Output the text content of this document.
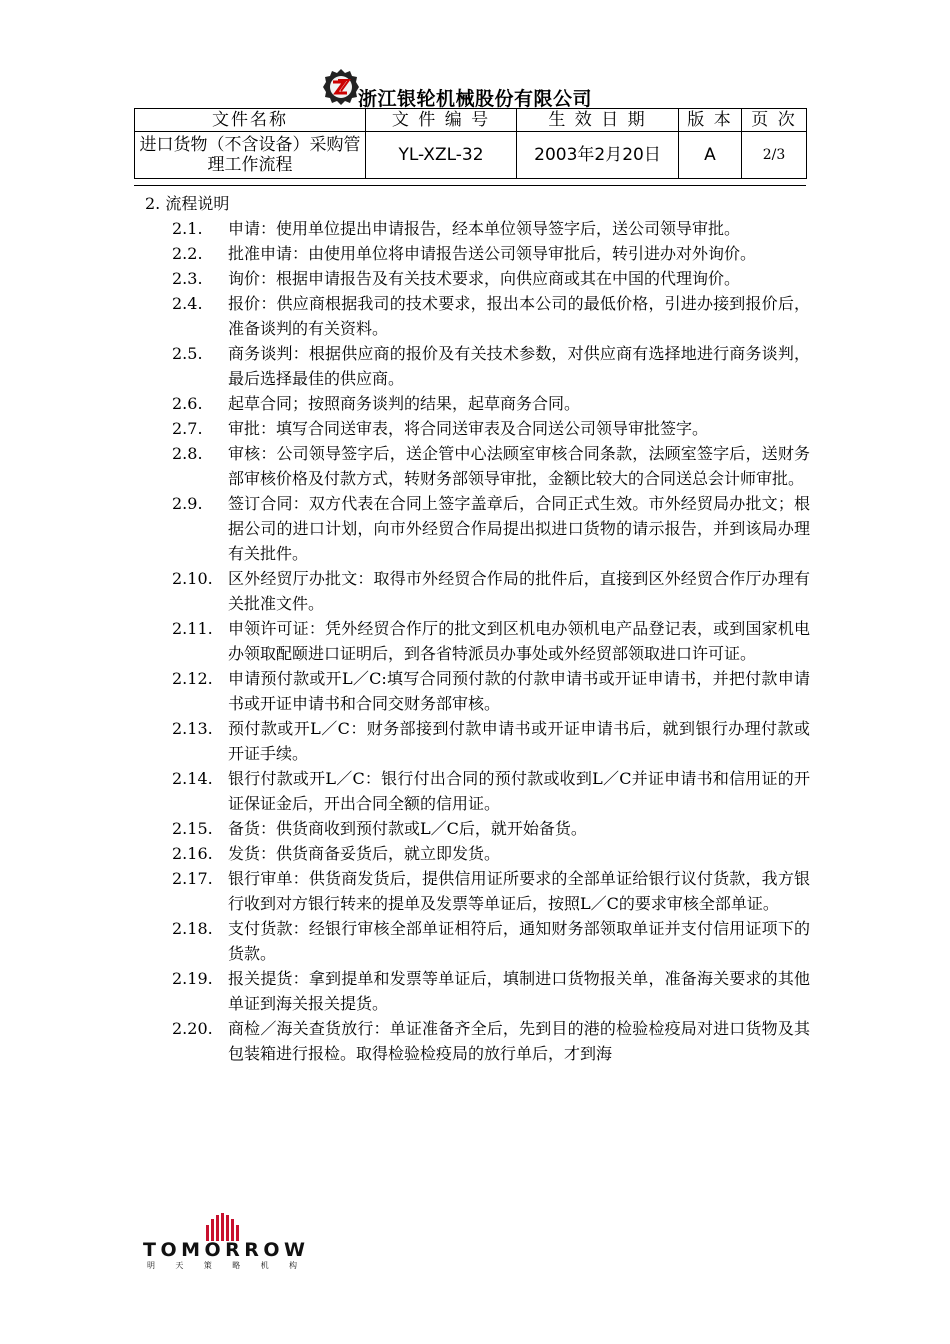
浙江银轮机械股份有限公司
文件名称	文 件 编 号	生 效 日 期	版 本	页 次
进口货物（不含设备）采购管理工作流程	YL-XZL-32	2003年2月20日	A	2/3
2. 流程说明
2.1.	申请：使用单位提出申请报告，经本单位领导签字后，送公司领导审批。
2.2.	批准申请：由使用单位将申请报告送公司领导审批后，转引进办对外询价。
2.3.	询价：根据申请报告及有关技术要求，向供应商或其在中国的代理询价。
2.4.	报价：供应商根据我司的技术要求，报出本公司的最低价格，引进办接到报价后，准备谈判的有关资料。
2.5.	商务谈判：根据供应商的报价及有关技术参数，对供应商有选择地进行商务谈判，最后选择最佳的供应商。
2.6.	起草合同；按照商务谈判的结果，起草商务合同。
2.7.	审批：填写合同送审表，将合同送审表及合同送公司领导审批签字。
2.8.	审核：公司领导签字后，送企管中心法顾室审核合同条款，法顾室签字后，送财务部审核价格及付款方式，转财务部领导审批，金额比较大的合同送总会计师审批。
2.9.	签订合同：双方代表在合同上签字盖章后，合同正式生效。市外经贸局办批文；根据公司的进口计划，向市外经贸合作局提出拟进口货物的请示报告，并到该局办理有关批件。
2.10. 区外经贸厅办批文：取得市外经贸合作局的批件后，直接到区外经贸合作厅办理有关批准文件。
2.11. 申领许可证：凭外经贸合作厅的批文到区机电办领机电产品登记表，或到国家机电办领取配颐进口证明后，到各省特派员办事处或外经贸部领取进口许可证。
2.12. 申请预付款或开L／C:填写合同预付款的付款申请书或开证申请书，并把付款申请书或开证申请书和合同交财务部审核。
2.13. 预付款或开L／C：财务部接到付款申请书或开证申请书后，就到银行办理付款或开证手续。
2.14. 银行付款或开L／C：银行付出合同的预付款或收到L／C并证申请书和信用证的开证保证金后，开出合同全额的信用证。
2.15. 备货：供货商收到预付款或L／C后，就开始备货。
2.16. 发货：供货商备妥货后，就立即发货。
2.17. 银行审单：供货商发货后，提供信用证所要求的全部单证给银行议付货款，我方银行收到对方银行转来的提单及发票等单证后，按照L／C的要求审核全部单证。
2.18. 支付货款：经银行审核全部单证相符后，通知财务部领取单证并支付信用证项下的货款。
2.19. 报关提货：拿到提单和发票等单证后，填制进口货物报关单，准备海关要求的其他单证到海关报关提货。
2.20. 商检／海关查货放行：单证准备齐全后，先到目的港的检验检疫局对进口货物及其包装箱进行报检。取得检验检疫局的放行单后，才到海
TOMORROW
明 天 策 略 机 构
